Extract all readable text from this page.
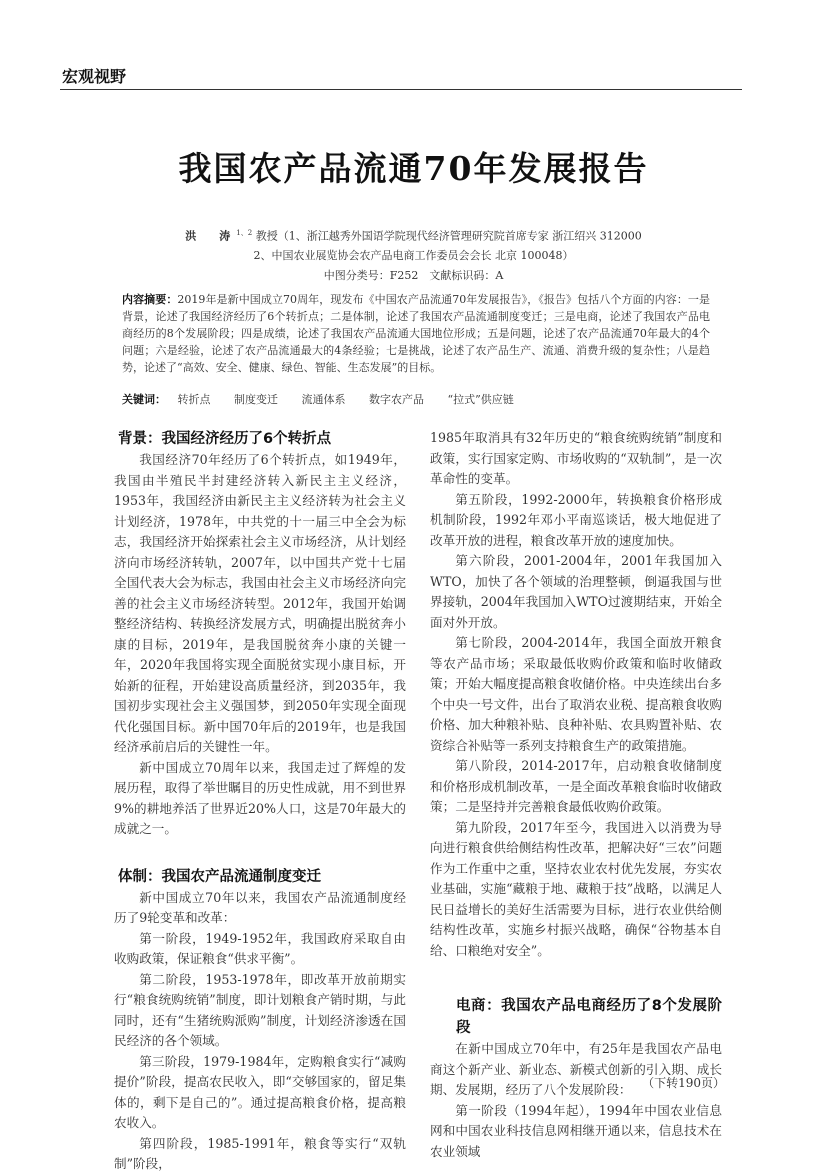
宏观视野
我国农产品流通70年发展报告
洪　涛$^{1、2}$ 教授（1、浙江越秀外国语学院现代经济管理研究院首席专家 浙江绍兴 312000
2、中国农业展览协会农产品电商工作委员会会长 北京 100048）
中图分类号：F252　文献标识码：A
内容摘要：2019年是新中国成立70周年，现发布《中国农产品流通70年发展报告》，《报告》包括八个方面的内容：一是背景，论述了我国经济经历了6个转折点；二是体制，论述了我国农产品流通制度变迁；三是电商，论述了我国农产品电商经历的8个发展阶段；四是成绩，论述了我国农产品流通大国地位形成；五是问题，论述了农产品流通70年最大的4个问题；六是经验，论述了农产品流通最大的4条经验；七是挑战，论述了农产品生产、流通、消费升级的复杂性；八是趋势，论述了“高效、安全、健康、绿色、智能、生态发展”的目标。
关键词： 转折点 制度变迁 流通体系 数字农产品 “拉式”供应链
背景：我国经济经历了6个转折点

我国经济70年经历了6个转折点，如1949年，我国由半殖民半封建经济转入新民主主义经济，1953年，我国经济由新民主主义经济转为社会主义计划经济，1978年，中共党的十一届三中全会为标志，我国经济开始探索社会主义市场经济，从计划经济向市场经济转轨，2007年，以中国共产党十七届全国代表大会为标志，我国由社会主义市场经济向完善的社会主义市场经济转型。2012年，我国开始调整经济结构、转换经济发展方式，明确提出脱贫奔小康的目标，2019年，是我国脱贫奔小康的关键一年，2020年我国将实现全面脱贫实现小康目标，开始新的征程，开始建设高质量经济，到2035年，我国初步实现社会主义强国梦，到2050年实现全面现代化强国目标。新中国70年后的2019年，也是我国经济承前启后的关键性一年。

新中国成立70周年以来，我国走过了辉煌的发展历程，取得了举世瞩目的历史性成就，用不到世界9%的耕地养活了世界近20%人口，这是70年最大的成就之一。

体制：我国农产品流通制度变迁

新中国成立70年以来，我国农产品流通制度经历了9轮变革和改革：

第一阶段，1949-1952年，我国政府采取自由收购政策，保证粮食“供求平衡”。

第二阶段，1953-1978年，即改革开放前期实行“粮食统购统销”制度，即计划粮食产销时期，与此同时，还有“生猪统购派购”制度，计划经济渗透在国民经济的各个领域。

第三阶段，1979-1984年，定购粮食实行“减购提价”阶段，提高农民收入，即“交够国家的，留足集体的，剩下是自己的”。通过提高粮食价格，提高粮农收入。

第四阶段，1985-1991年，粮食等实行“双轨制”阶段，

1985年取消具有32年历史的“粮食统购统销”制度和政策，实行国家定购、市场收购的“双轨制”，是一次革命性的变革。

第五阶段，1992-2000年，转换粮食价格形成机制阶段，1992年邓小平南巡谈话，极大地促进了改革开放的进程，粮食改革开放的速度加快。

第六阶段，2001-2004年，2001年我国加入WTO，加快了各个领域的治理整顿，倒逼我国与世界接轨，2004年我国加入WTO过渡期结束，开始全面对外开放。

第七阶段，2004-2014年，我国全面放开粮食等农产品市场；采取最低收购价政策和临时收储政策；开始大幅度提高粮食收储价格。中央连续出台多个中央一号文件，出台了取消农业税、提高粮食收购价格、加大种粮补贴、良种补贴、农具购置补贴、农资综合补贴等一系列支持粮食生产的政策措施。

第八阶段，2014-2017年，启动粮食收储制度和价格形成机制改革，一是全面改革粮食临时收储政策；二是坚持并完善粮食最低收购价政策。

第九阶段，2017年至今，我国进入以消费为导向进行粮食供给侧结构性改革，把解决好“三农”问题作为工作重中之重，坚持农业农村优先发展，夯实农业基础，实施“藏粮于地、藏粮于技”战略，以满足人民日益增长的美好生活需要为目标，进行农业供给侧结构性改革，实施乡村振兴战略，确保“谷物基本自给、口粮绝对安全”。

电商：我国农产品电商经历了8个发展阶段

在新中国成立70年中，有25年是我国农产品电商这个新产业、新业态、新模式创新的引入期、成长期、发展期，经历了八个发展阶段：

第一阶段（1994年起），1994年中国农业信息网和中国农业科技信息网相继开通以来，信息技术在农业领域

（下转190页）
